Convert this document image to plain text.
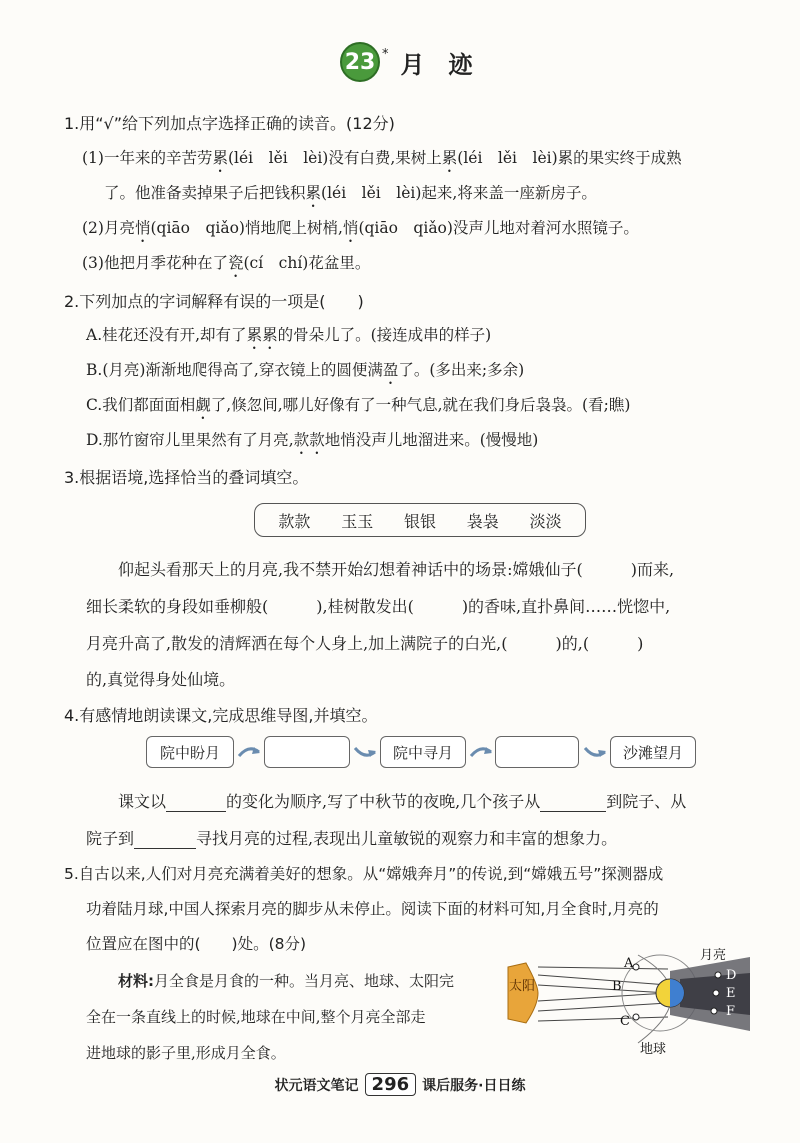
23 * 月迹
1.用“√”给下列加点字选择正确的读音。(12分)
(1)一年来的辛苦劳累(léi　lěi　lèi)没有白费,果树上累(léi　lěi　lèi)累的果实终于成熟
了。他准备卖掉果子后把钱积累(léi　lěi　lèi)起来,将来盖一座新房子。
(2)月亮悄(qiāo　qiǎo)悄地爬上树梢,悄(qiāo　qiǎo)没声儿地对着河水照镜子。
(3)他把月季花种在了瓷(cí　chí)花盆里。
2.下列加点的字词解释有误的一项是(　　)
A.桂花还没有开,却有了累累的骨朵儿了。(接连成串的样子)
B.(月亮)渐渐地爬得高了,穿衣镜上的圆便满盈了。(多出来;多余)
C.我们都面面相觑了,倏忽间,哪儿好像有了一种气息,就在我们身后袅袅。(看;瞧)
D.那竹窗帘儿里果然有了月亮,款款地悄没声儿地溜进来。(慢慢地)
3.根据语境,选择恰当的叠词填空。
款款 玉玉 银银 袅袅 淡淡
仰起头看那天上的月亮,我不禁开始幻想着神话中的场景:嫦娥仙子(　　　)而来,
细长柔软的身段如垂柳般(　　　),桂树散发出(　　　)的香味,直扑鼻间……恍惚中,
月亮升高了,散发的清辉洒在每个人身上,加上满院子的白光,(　　　)的,(　　　)
的,真觉得身处仙境。
4.有感情地朗读课文,完成思维导图,并填空。
院中盼月	院中寻月	沙滩望月
课文以	的变化为顺序,写了中秋节的夜晚,几个孩子从	到院子、从
院子到	寻找月亮的过程,表现出儿童敏锐的观察力和丰富的想象力。
5.自古以来,人们对月亮充满着美好的想象。从“嫦娥奔月”的传说,到“嫦娥五号”探测器成
功着陆月球,中国人探索月亮的脚步从未停止。阅读下面的材料可知,月全食时,月亮的
位置应在图中的(　　)处。(8分)
材料:月全食是月食的一种。当月亮、地球、太阳完
全在一条直线上的时候,地球在中间,整个月亮全部走
进地球的影子里,形成月全食。
太阳
A
B
C
D
E
F
月亮
地球
状元语文笔记 296 课后服务·日日练
